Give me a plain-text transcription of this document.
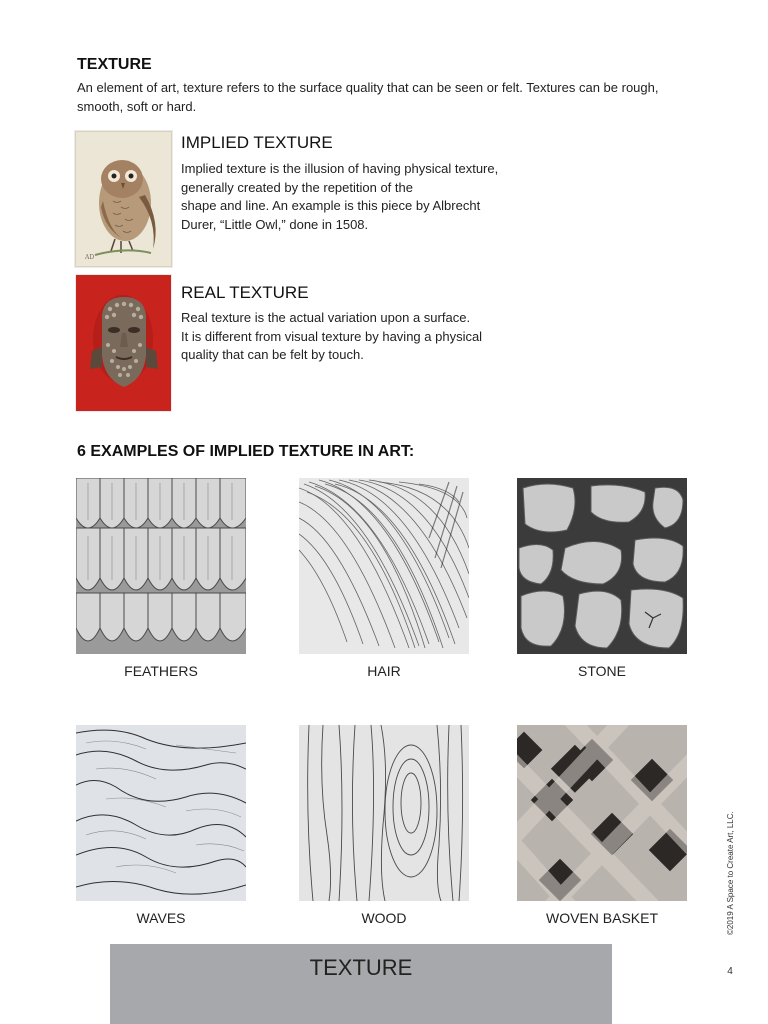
TEXTURE

An element of art, texture refers to the surface quality that can be seen or felt. Textures can be rough, smooth, soft or hard.

AD
IMPLIED TEXTURE

Implied texture is the illusion of having physical texture,
generally created by the repetition of the
shape and line. An example is this piece by Albrecht
Durer, “Little Owl,” done in 1508.

REAL TEXTURE

Real texture is the actual variation upon a surface.
It is different from visual texture by having a physical
quality that can be felt by touch.

6 EXAMPLES OF IMPLIED TEXTURE IN ART:
FEATHERS	HAIR	STONE
WAVES	WOOD	WOVEN BASKET	©2019 A Space to Create Art, LLC.
TEXTURE	4
